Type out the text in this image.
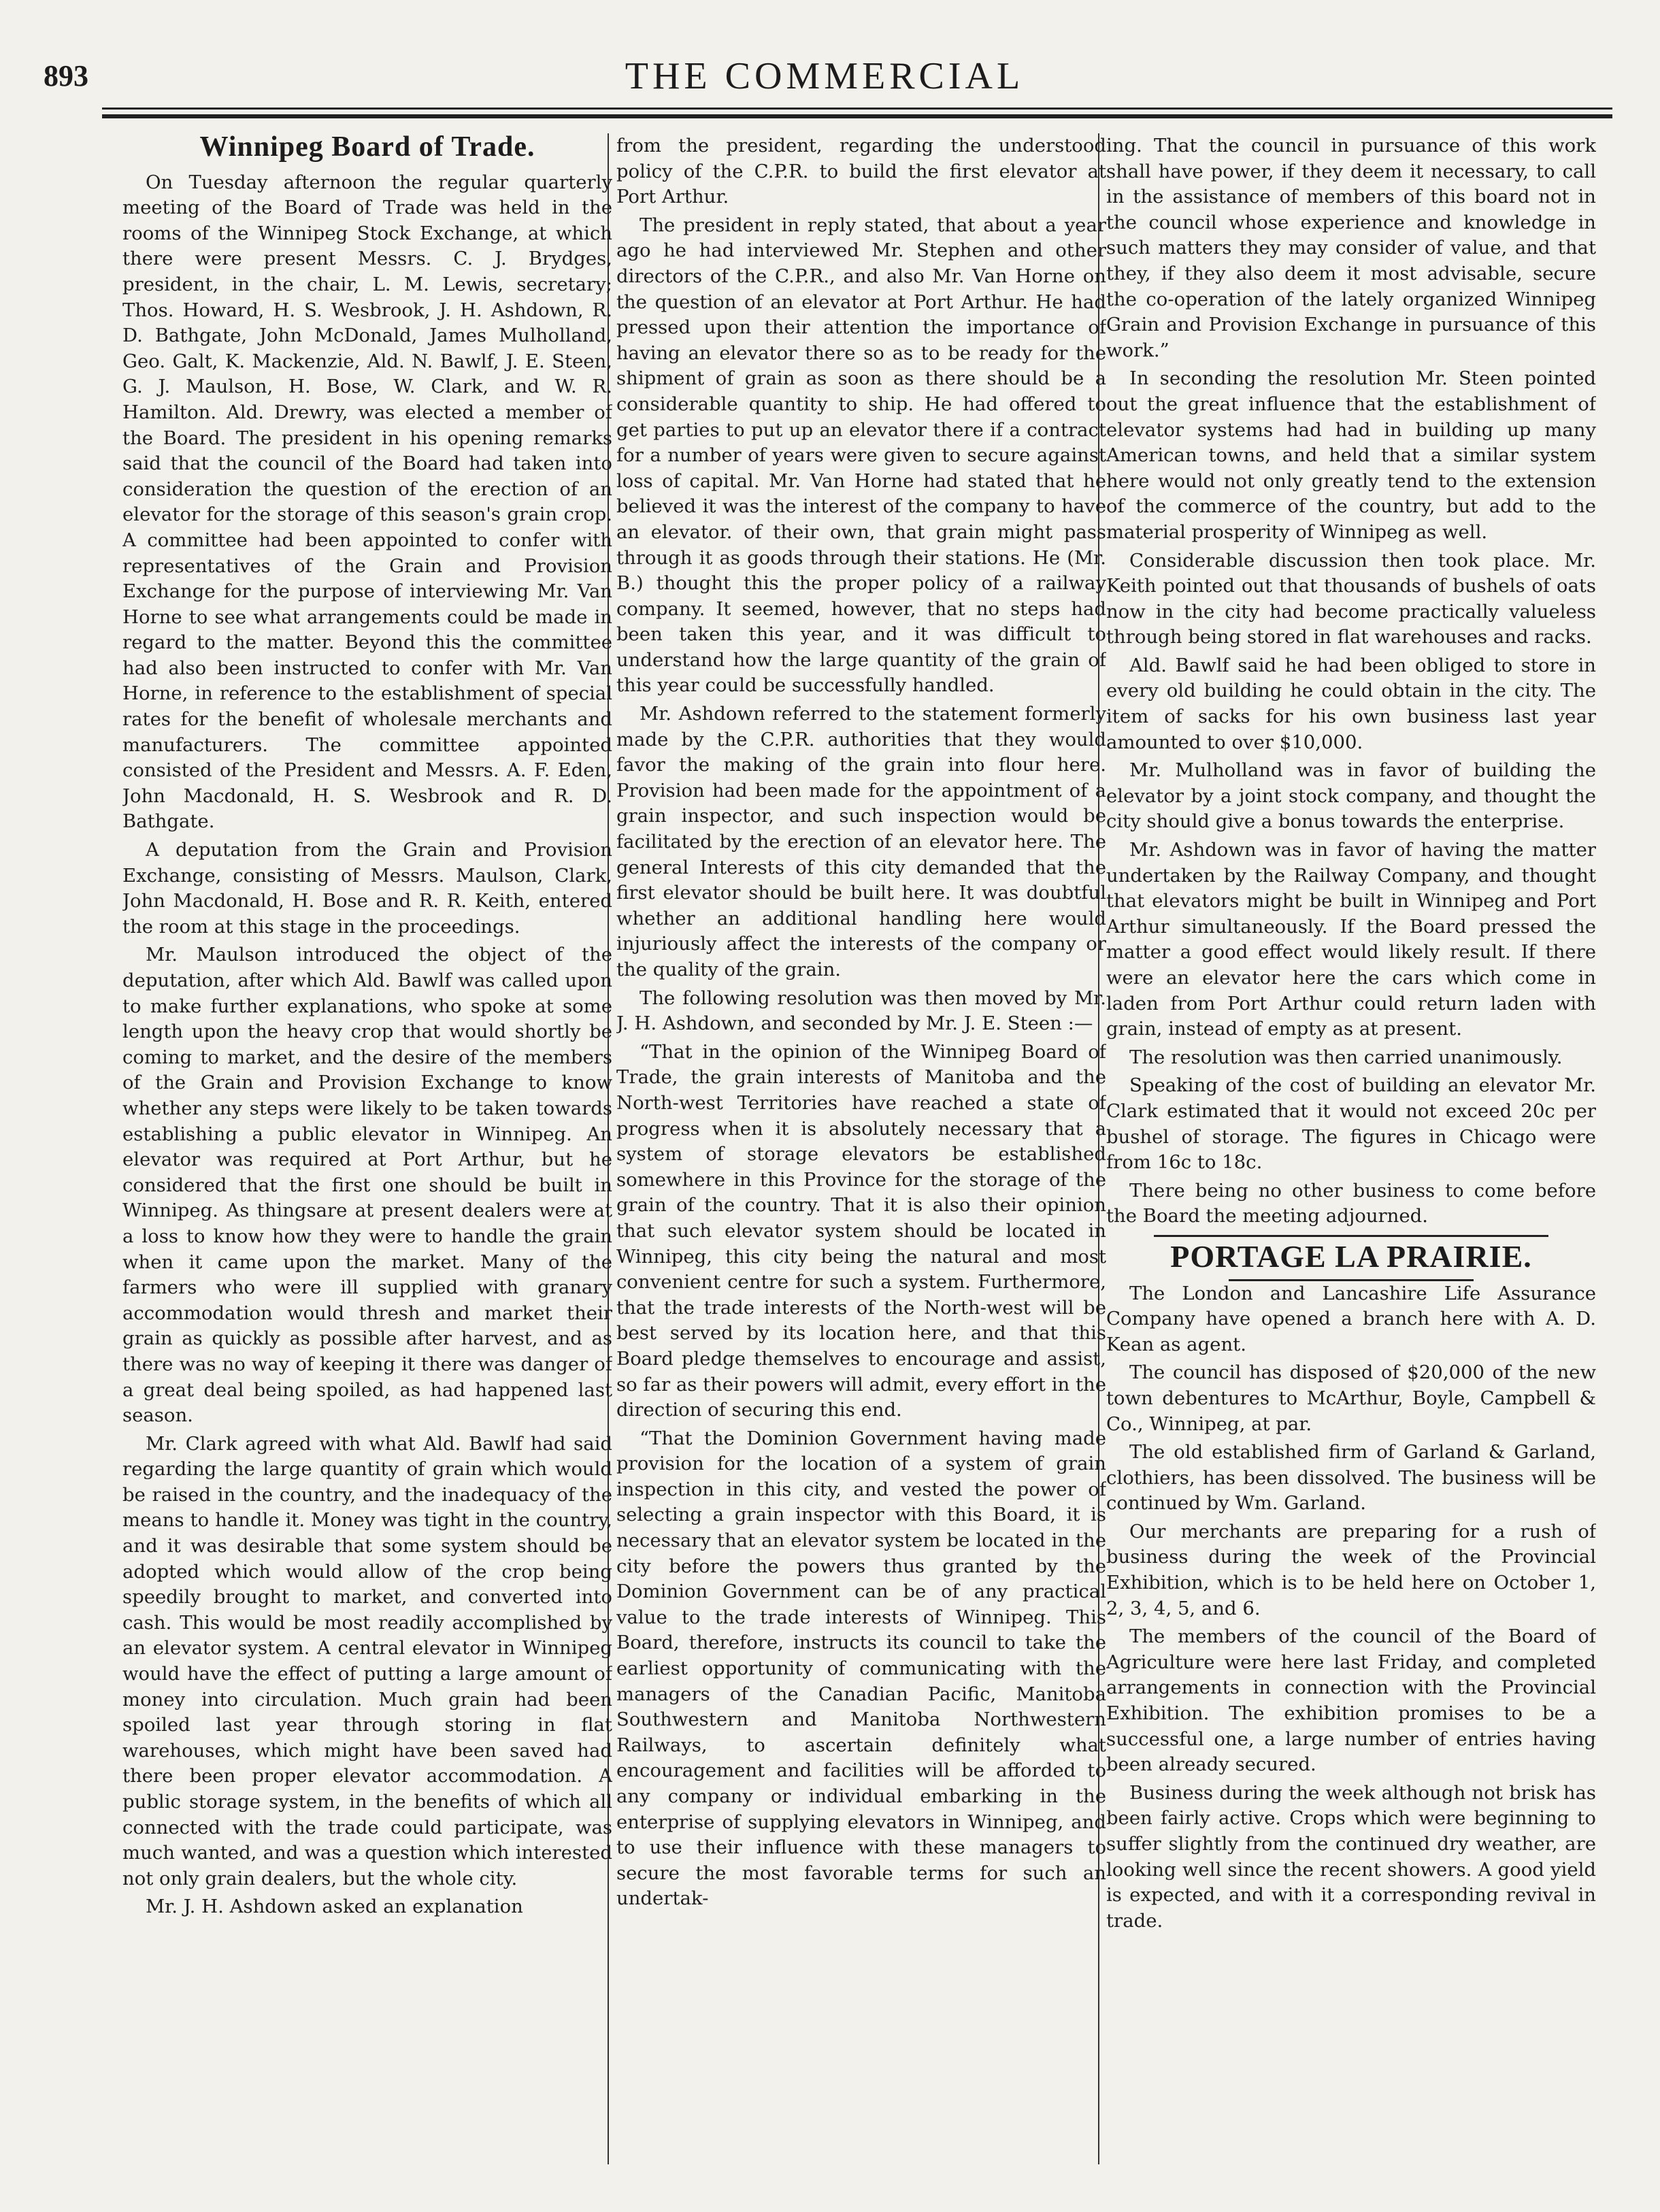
893	THE COMMERCIAL
Winnipeg Board of Trade.

On Tuesday afternoon the regular quarterly meeting of the Board of Trade was held in the rooms of the Winnipeg Stock Exchange, at which there were present Messrs. C. J. Brydges, president, in the chair, L. M. Lewis, secretary; Thos. Howard, H. S. Wesbrook, J. H. Ashdown, R. D. Bathgate, John McDonald, James Mulholland, Geo. Galt, K. Mackenzie, Ald. N. Bawlf, J. E. Steen, G. J. Maulson, H. Bose, W. Clark, and W. R. Hamilton. Ald. Drewry, was elected a member of the Board. The president in his opening remarks said that the council of the Board had taken into consideration the question of the erection of an elevator for the storage of this season's grain crop. A committee had been appointed to confer with representatives of the Grain and Provision Exchange for the purpose of interviewing Mr. Van Horne to see what arrangements could be made in regard to the matter. Beyond this the committee had also been instructed to confer with Mr. Van Horne, in reference to the establishment of special rates for the benefit of wholesale merchants and manufacturers. The committee appointed consisted of the President and Messrs. A. F. Eden, John Macdonald, H. S. Wesbrook and R. D. Bathgate.

A deputation from the Grain and Provision Exchange, consisting of Messrs. Maulson, Clark, John Macdonald, H. Bose and R. R. Keith, entered the room at this stage in the proceedings.

Mr. Maulson introduced the object of the deputation, after which Ald. Bawlf was called upon to make further explanations, who spoke at some length upon the heavy crop that would shortly be coming to market, and the desire of the members of the Grain and Provision Exchange to know whether any steps were likely to be taken towards establishing a public elevator in Winnipeg. An elevator was required at Port Arthur, but he considered that the first one should be built in Winnipeg. As thingsare at present dealers were at a loss to know how they were to handle the grain when it came upon the market. Many of the farmers who were ill supplied with granary accommodation would thresh and market their grain as quickly as possible after harvest, and as there was no way of keeping it there was danger of a great deal being spoiled, as had happened last season.

Mr. Clark agreed with what Ald. Bawlf had said regarding the large quantity of grain which would be raised in the country, and the inadequacy of the means to handle it. Money was tight in the country, and it was desirable that some system should be adopted which would allow of the crop being speedily brought to market, and converted into cash. This would be most readily accomplished by an elevator system. A central elevator in Winnipeg would have the effect of putting a large amount of money into circulation. Much grain had been spoiled last year through storing in flat warehouses, which might have been saved had there been proper elevator accommodation. A public storage system, in the benefits of which all connected with the trade could participate, was much wanted, and was a question which interested not only grain dealers, but the whole city.

Mr. J. H. Ashdown asked an explanation

from the president, regarding the understood policy of the C.P.R. to build the first elevator at Port Arthur.

The president in reply stated, that about a year ago he had interviewed Mr. Stephen and other directors of the C.P.R., and also Mr. Van Horne on the question of an elevator at Port Arthur. He had pressed upon their attention the importance of having an elevator there so as to be ready for the shipment of grain as soon as there should be a considerable quantity to ship. He had offered to get parties to put up an elevator there if a contract for a number of years were given to secure against loss of capital. Mr. Van Horne had stated that he believed it was the interest of the company to have an elevator. of their own, that grain might pass through it as goods through their stations. He (Mr. B.) thought this the proper policy of a railway company. It seemed, however, that no steps had been taken this year, and it was difficult to understand how the large quantity of the grain of this year could be successfully handled.

Mr. Ashdown referred to the statement formerly made by the C.P.R. authorities that they would favor the making of the grain into flour here. Provision had been made for the appointment of a grain inspector, and such inspection would be facilitated by the erection of an elevator here. The general Interests of this city demanded that the first elevator should be built here. It was doubtful whether an additional handling here would injuriously affect the interests of the company or the quality of the grain.

The following resolution was then moved by Mr. J. H. Ashdown, and seconded by Mr. J. E. Steen :—

“That in the opinion of the Winnipeg Board of Trade, the grain interests of Manitoba and the North-west Territories have reached a state of progress when it is absolutely necessary that a system of storage elevators be established somewhere in this Province for the storage of the grain of the country. That it is also their opinion that such elevator system should be located in Winnipeg, this city being the natural and most convenient centre for such a system. Furthermore, that the trade interests of the North-west will be best served by its location here, and that this Board pledge themselves to encourage and assist, so far as their powers will admit, every effort in the direction of securing this end.

“That the Dominion Government having made provision for the location of a system of grain inspection in this city, and vested the power of selecting a grain inspector with this Board, it is necessary that an elevator system be located in the city before the powers thus granted by the Dominion Government can be of any practical value to the trade interests of Winnipeg. This Board, therefore, instructs its council to take the earliest opportunity of communicating with the managers of the Canadian Pacific, Manitoba Southwestern and Manitoba Northwestern Railways, to ascertain definitely what encouragement and facilities will be afforded to any company or individual embarking in the enterprise of supplying elevators in Winnipeg, and to use their influence with these managers to secure the most favorable terms for such an undertak-

ing. That the council in pursuance of this work shall have power, if they deem it necessary, to call in the assistance of members of this board not in the council whose experience and knowledge in such matters they may consider of value, and that they, if they also deem it most advisable, secure the co-operation of the lately organized Winnipeg Grain and Provision Exchange in pursuance of this work.”

In seconding the resolution Mr. Steen pointed out the great influence that the establishment of elevator systems had had in building up many American towns, and held that a similar system here would not only greatly tend to the extension of the commerce of the country, but add to the material prosperity of Winnipeg as well.

Considerable discussion then took place. Mr. Keith pointed out that thousands of bushels of oats now in the city had become practically valueless through being stored in flat warehouses and racks.

Ald. Bawlf said he had been obliged to store in every old building he could obtain in the city. The item of sacks for his own business last year amounted to over $10,000.

Mr. Mulholland was in favor of building the elevator by a joint stock company, and thought the city should give a bonus towards the enterprise.

Mr. Ashdown was in favor of having the matter undertaken by the Railway Company, and thought that elevators might be built in Winnipeg and Port Arthur simultaneously. If the Board pressed the matter a good effect would likely result. If there were an elevator here the cars which come in laden from Port Arthur could return laden with grain, instead of empty as at present.

The resolution was then carried unanimously.

Speaking of the cost of building an elevator Mr. Clark estimated that it would not exceed 20c per bushel of storage. The figures in Chicago were from 16c to 18c.

There being no other business to come before the Board the meeting adjourned.

PORTAGE LA PRAIRIE.

The London and Lancashire Life Assurance Company have opened a branch here with A. D. Kean as agent.

The council has disposed of $20,000 of the new town debentures to McArthur, Boyle, Campbell & Co., Winnipeg, at par.

The old established firm of Garland & Garland, clothiers, has been dissolved. The business will be continued by Wm. Garland.

Our merchants are preparing for a rush of business during the week of the Provincial Exhibition, which is to be held here on October 1, 2, 3, 4, 5, and 6.

The members of the council of the Board of Agriculture were here last Friday, and completed arrangements in connection with the Provincial Exhibition. The exhibition promises to be a successful one, a large number of entries having been already secured.

Business during the week although not brisk has been fairly active. Crops which were beginning to suffer slightly from the continued dry weather, are looking well since the recent showers. A good yield is expected, and with it a corresponding revival in trade.
